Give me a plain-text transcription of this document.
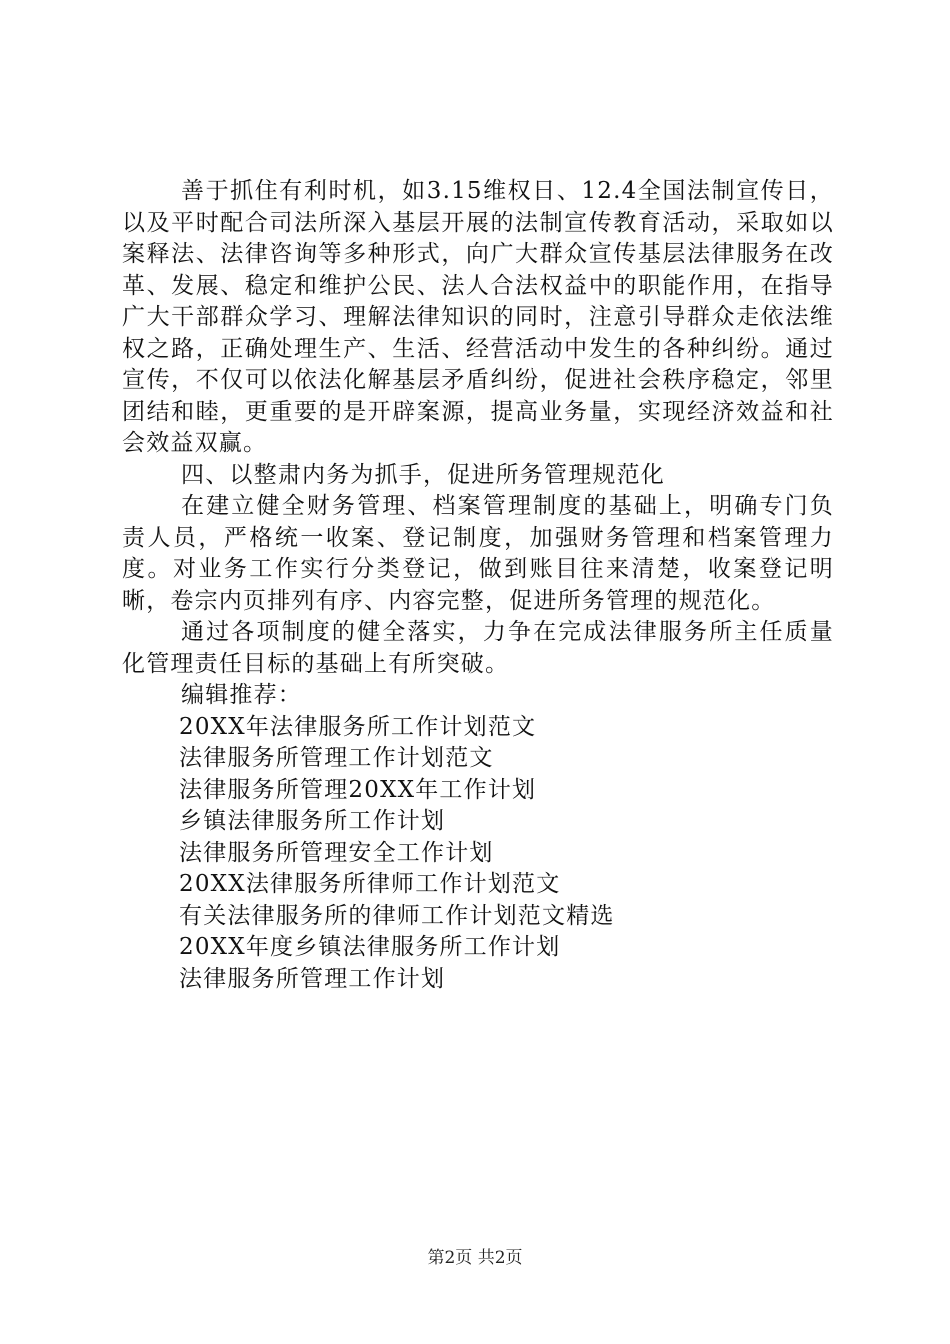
善于抓住有利时机，如3.15维权日、12.4全国法制宣传日，以及平时配合司法所深入基层开展的法制宣传教育活动，采取如以案释法、法律咨询等多种形式，向广大群众宣传基层法律服务在改革、发展、稳定和维护公民、法人合法权益中的职能作用，在指导广大干部群众学习、理解法律知识的同时，注意引导群众走依法维权之路，正确处理生产、生活、经营活动中发生的各种纠纷。通过宣传，不仅可以依法化解基层矛盾纠纷，促进社会秩序稳定，邻里团结和睦，更重要的是开辟案源，提高业务量，实现经济效益和社会效益双赢。

四、以整肃内务为抓手，促进所务管理规范化

在建立健全财务管理、档案管理制度的基础上，明确专门负责人员，严格统一收案、登记制度，加强财务管理和档案管理力度。对业务工作实行分类登记，做到账目往来清楚，收案登记明晰，卷宗内页排列有序、内容完整，促进所务管理的规范化。

通过各项制度的健全落实，力争在完成法律服务所主任质量化管理责任目标的基础上有所突破。

编辑推荐：

20XX年法律服务所工作计划范文
法律服务所管理工作计划范文
法律服务所管理20XX年工作计划
乡镇法律服务所工作计划
法律服务所管理安全工作计划
20XX法律服务所律师工作计划范文
有关法律服务所的律师工作计划范文精选
20XX年度乡镇法律服务所工作计划
法律服务所管理工作计划
第2页 共2页
